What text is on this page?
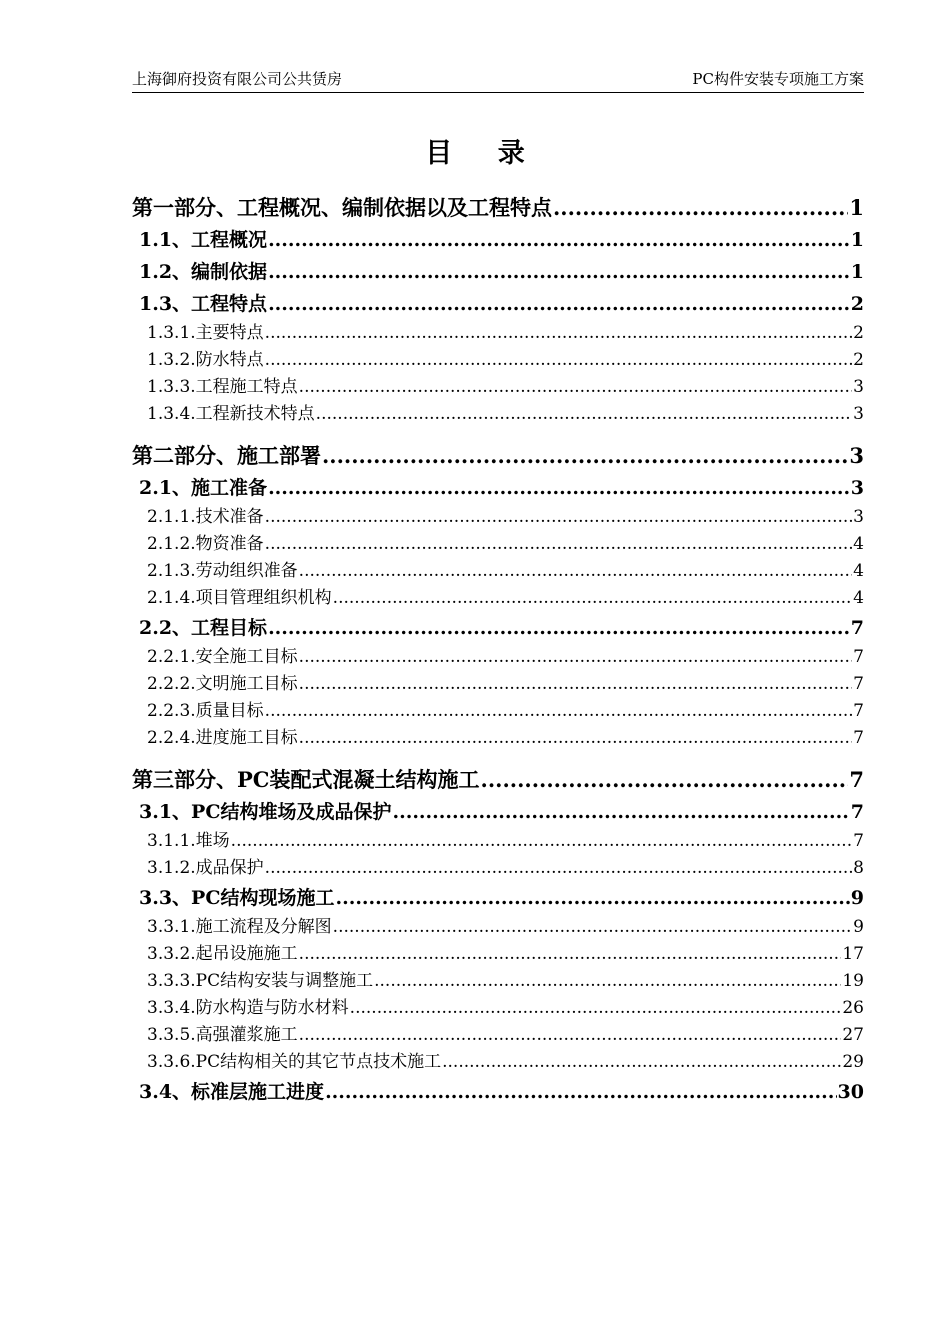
上海御府投资有限公司公共赁房	PC构件安装专项施工方案
目 录
第一部分、工程概况、编制依据以及工程特点 .....	1
1.1、工程概况 .....	1
1.2、编制依据 .....	1
1.3、工程特点 .....	2
1.3.1.主要特点 .....	2
1.3.2.防水特点 .....	2
1.3.3.工程施工特点 .....	3
1.3.4.工程新技术特点 .....	3
第二部分、施工部署 .....	3
2.1、施工准备 .....	3
2.1.1.技术准备 .....	3
2.1.2.物资准备 .....	4
2.1.3.劳动组织准备 .....	4
2.1.4.项目管理组织机构 .....	4
2.2、工程目标 .....	7
2.2.1.安全施工目标 .....	7
2.2.2.文明施工目标 .....	7
2.2.3.质量目标 .....	7
2.2.4.进度施工目标 .....	7
第三部分、PC装配式混凝土结构施工 .....	7
3.1、PC结构堆场及成品保护 .....	7
3.1.1.堆场 .....	7
3.1.2.成品保护 .....	8
3.3、PC结构现场施工 .....	9
3.3.1.施工流程及分解图 .....	9
3.3.2.起吊设施施工 .....	17
3.3.3.PC结构安装与调整施工 .....	19
3.3.4.防水构造与防水材料 .....	26
3.3.5.高强灌浆施工 .....	27
3.3.6.PC结构相关的其它节点技术施工 .....	29
3.4、标准层施工进度 .....	30
